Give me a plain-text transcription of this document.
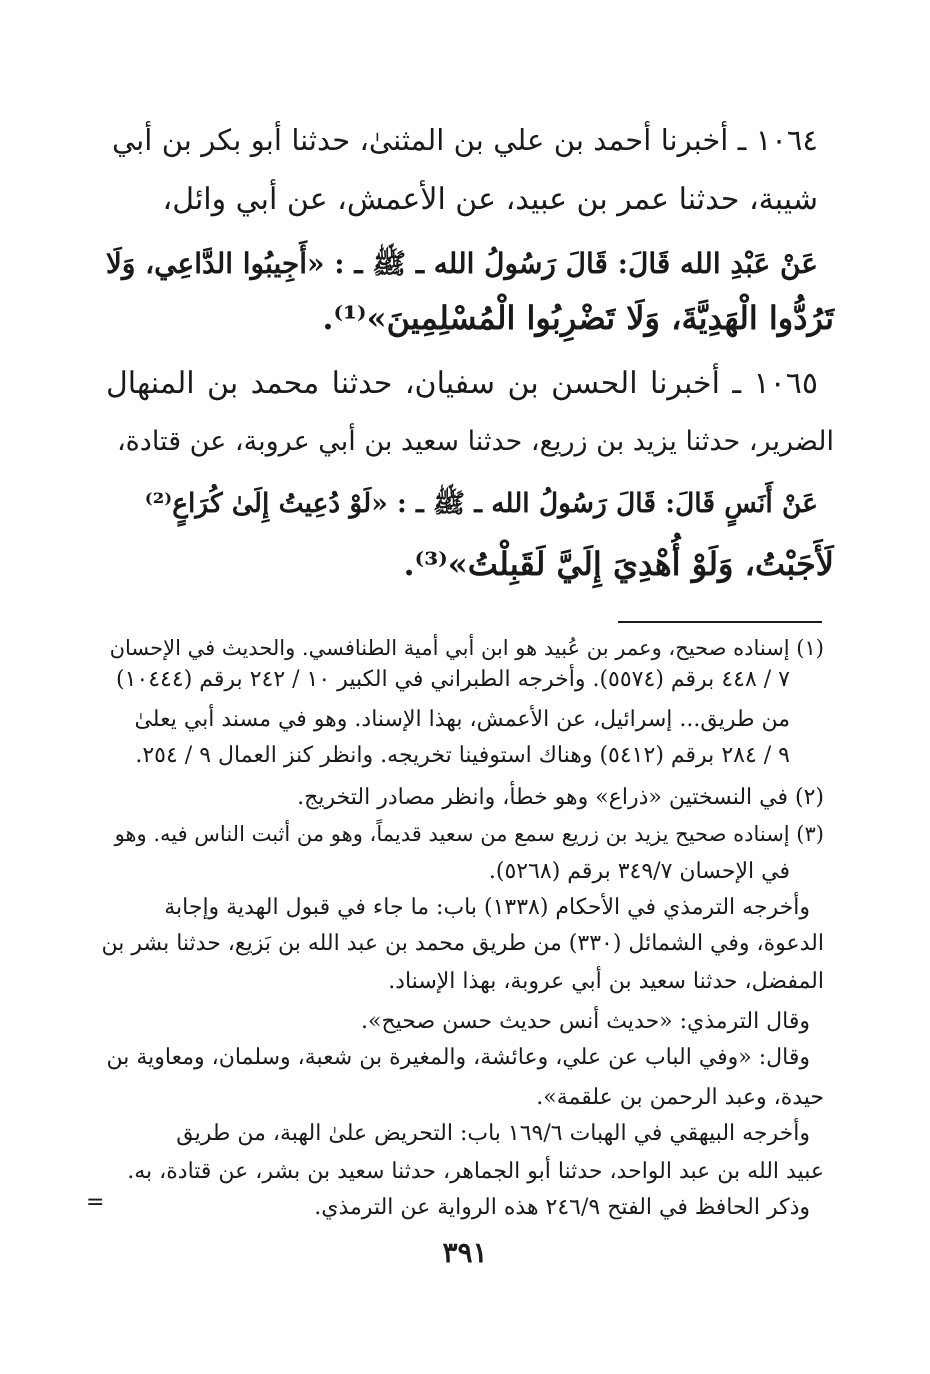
١٠٦٤ ـ أخبرنا أحمد بن علي بن المثنىٰ، حدثنا أبو بكر بن أبي
شيبة، حدثنا عمر بن عبيد، عن الأعمش، عن أبي وائل،
عَنْ عَبْدِ الله قَالَ: قَالَ رَسُولُ الله ـ ﷺ ـ : «أَجِيبُوا الدَّاعِي، وَلَا
تَرُدُّوا الْهَدِيَّةَ، وَلَا تَضْرِبُوا الْمُسْلِمِينَ»⁽¹⁾.
١٠٦٥ ـ أخبرنا الحسن بن سفيان، حدثنا محمد بن المنهال
الضرير، حدثنا يزيد بن زريع، حدثنا سعيد بن أبي عروبة، عن قتادة،
عَنْ أَنَسٍ قَالَ: قَالَ رَسُولُ الله ـ ﷺ ـ : «لَوْ دُعِيتُ إِلَىٰ كُرَاعٍ⁽²⁾
لَأَجَبْتُ، وَلَوْ أُهْدِيَ إِلَيَّ لَقَبِلْتُ»⁽³⁾.
(١) إسناده صحيح، وعمر بن عُبيد هو ابن أبي أمية الطنافسي. والحديث في الإحسان
٧ / ٤٤٨ برقم (٥٥٧٤). وأخرجه الطبراني في الكبير ١٠ / ٢٤٢ برقم (١٠٤٤٤)
من طريق... إسرائيل، عن الأعمش، بهذا الإسناد. وهو في مسند أبي يعلىٰ
٩ / ٢٨٤ برقم (٥٤١٢) وهناك استوفينا تخريجه. وانظر كنز العمال ٩ / ٢٥٤.
(٢) في النسختين «ذراع» وهو خطأ، وانظر مصادر التخريج.
(٣) إسناده صحيح يزيد بن زريع سمع من سعيد قديماً، وهو من أثبت الناس فيه. وهو
في الإحسان ٣٤٩/٧ برقم (٥٢٦٨).
وأخرجه الترمذي في الأحكام (١٣٣٨) باب: ما جاء في قبول الهدية وإجابة
الدعوة، وفي الشمائل (٣٣٠) من طريق محمد بن عبد الله بن بَزيع، حدثنا بشر بن
المفضل، حدثنا سعيد بن أبي عروبة، بهذا الإسناد.
وقال الترمذي: «حديث أنس حديث حسن صحيح».
وقال: «وفي الباب عن علي، وعائشة، والمغيرة بن شعبة، وسلمان، ومعاوية بن
حيدة، وعبد الرحمن بن علقمة».
وأخرجه البيهقي في الهبات ١٦٩/٦ باب: التحريض علىٰ الهبة، من طريق
عبيد الله بن عبد الواحد، حدثنا أبو الجماهر، حدثنا سعيد بن بشر، عن قتادة، به.
وذكر الحافظ في الفتح ٢٤٦/٩ هذه الرواية عن الترمذي.
=
٣٩١
